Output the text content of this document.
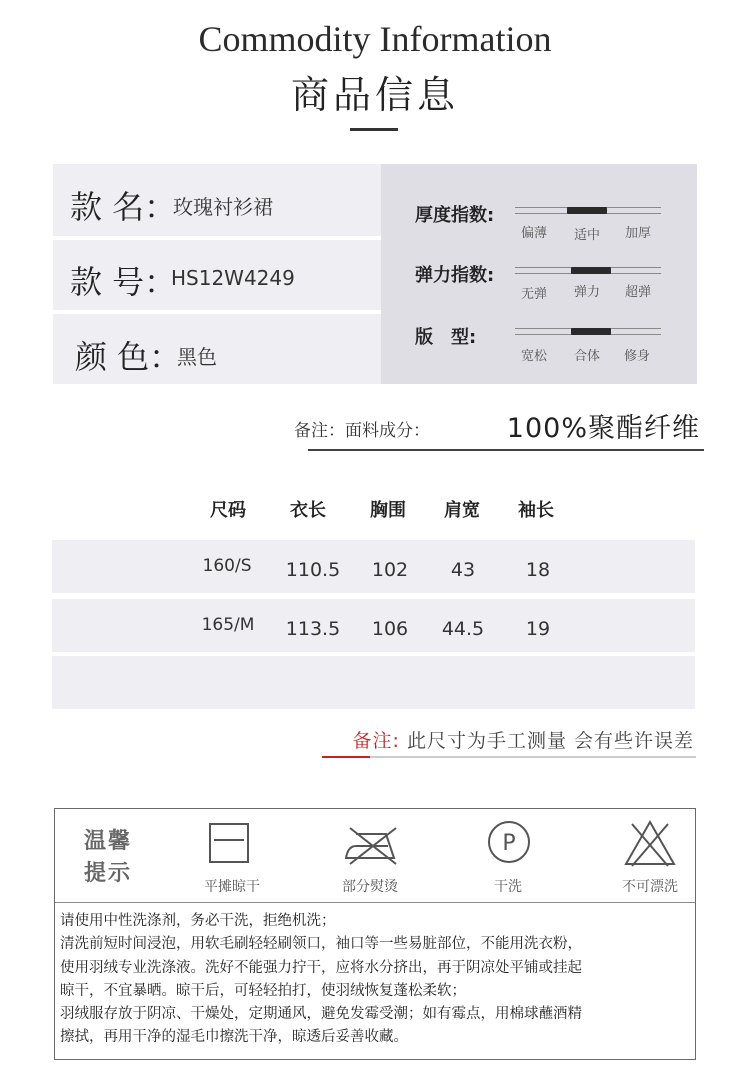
Commodity Information
商品信息
款 名：
玫瑰衬衫裙
款 号：
HS12W4249
颜 色：
黑色
厚度指数:
偏薄 适中 加厚
弹力指数:
无弹 弹力 超弹
版　型:
宽松 合体 修身
备注：面料成分：	100%聚酯纤维
尺码	衣长	胸围	肩宽	袖长
160/S	110.5	102	43	18
165/M	113.5	106	44.5	19
备注: 此尺寸为手工测量 会有些许误差
温馨
提示
平摊晾干	部分熨烫
P
干洗	不可漂洗
请使用中性洗涤剂，务必干洗，拒绝机洗；
清洗前短时间浸泡，用软毛刷轻轻刷领口，袖口等一些易脏部位，不能用洗衣粉，
使用羽绒专业洗涤液。洗好不能强力拧干，应将水分挤出，再于阴凉处平铺或挂起
晾干，不宜暴晒。晾干后，可轻轻拍打，使羽绒恢复蓬松柔软；
羽绒服存放于阴凉、干燥处，定期通风，避免发霉受潮；如有霉点，用棉球蘸酒精
擦拭，再用干净的湿毛巾擦洗干净，晾透后妥善收藏。
